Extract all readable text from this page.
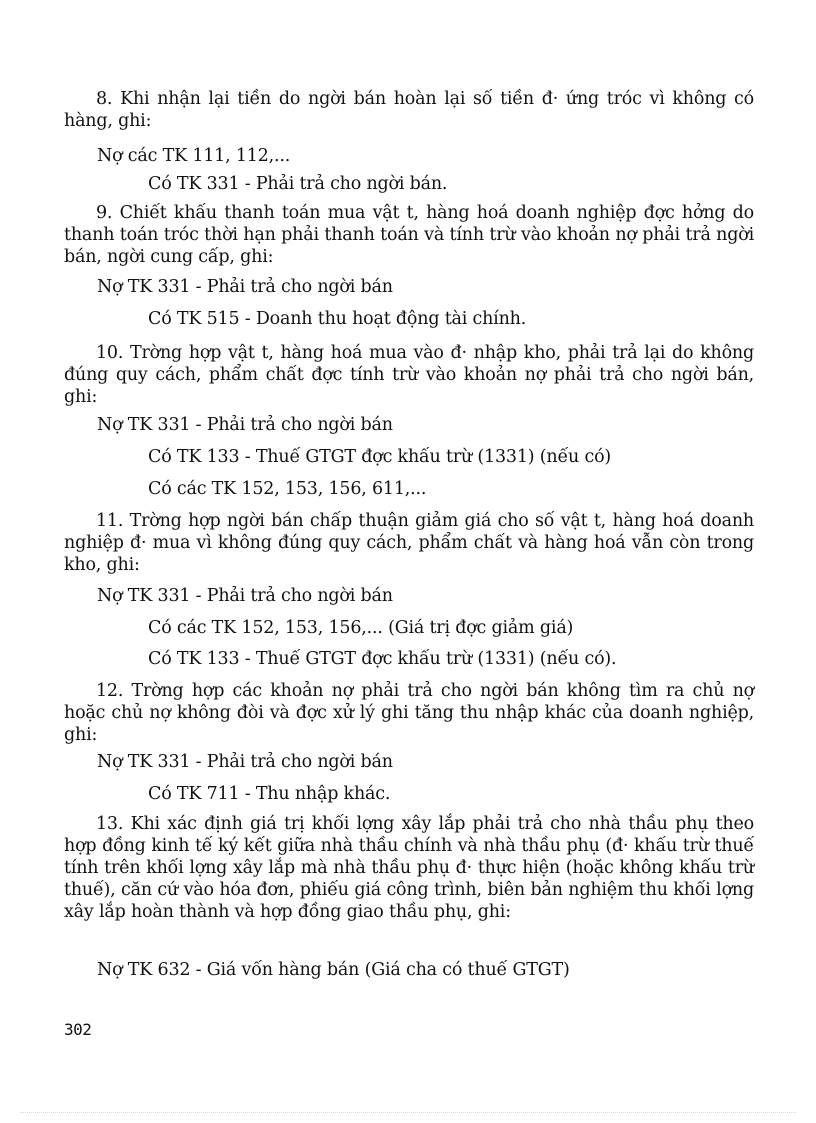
8. Khi nhận lại tiền do ngời bán hoàn lại số tiền đ· ứng tróc vì không có hàng, ghi:
Nợ các TK 111, 112,...
Có TK 331 - Phải trả cho ngời bán.
9. Chiết khấu thanh toán mua vật t, hàng hoá doanh nghiệp đợc hởng do thanh toán tróc thời hạn phải thanh toán và tính trừ vào khoản nợ phải trả ngời bán, ngời cung cấp, ghi:
Nợ TK 331 - Phải trả cho ngời bán
Có TK 515 - Doanh thu hoạt động tài chính.
10. Trờng hợp vật t, hàng hoá mua vào đ· nhập kho, phải trả lại do không đúng quy cách, phẩm chất đợc tính trừ vào khoản nợ phải trả cho ngời bán, ghi:
Nợ TK 331 - Phải trả cho ngời bán
Có TK 133 - Thuế GTGT đợc khấu trừ (1331) (nếu có)
Có các TK 152, 153, 156, 611,...
11. Trờng hợp ngời bán chấp thuận giảm giá cho số vật t, hàng hoá doanh nghiệp đ· mua vì không đúng quy cách, phẩm chất và hàng hoá vẫn còn trong kho, ghi:
Nợ TK 331 - Phải trả cho ngời bán
Có các TK 152, 153, 156,... (Giá trị đợc giảm giá)
Có TK 133 - Thuế GTGT đợc khấu trừ (1331) (nếu có).
12. Trờng hợp các khoản nợ phải trả cho ngời bán không tìm ra chủ nợ hoặc chủ nợ không đòi và đợc xử lý ghi tăng thu nhập khác của doanh nghiệp, ghi:
Nợ TK 331 - Phải trả cho ngời bán
Có TK 711 - Thu nhập khác.
13. Khi xác định giá trị khối lợng xây lắp phải trả cho nhà thầu phụ theo hợp đồng kinh tế ký kết giữa nhà thầu chính và nhà thầu phụ (đ· khấu trừ thuế tính trên khối lợng xây lắp mà nhà thầu phụ đ· thực hiện (hoặc không khấu trừ thuế), căn cứ vào hóa đơn, phiếu giá công trình, biên bản nghiệm thu khối lợng xây lắp hoàn thành và hợp đồng giao thầu phụ, ghi:
Nợ TK 632 - Giá vốn hàng bán (Giá cha có thuế GTGT)
302
